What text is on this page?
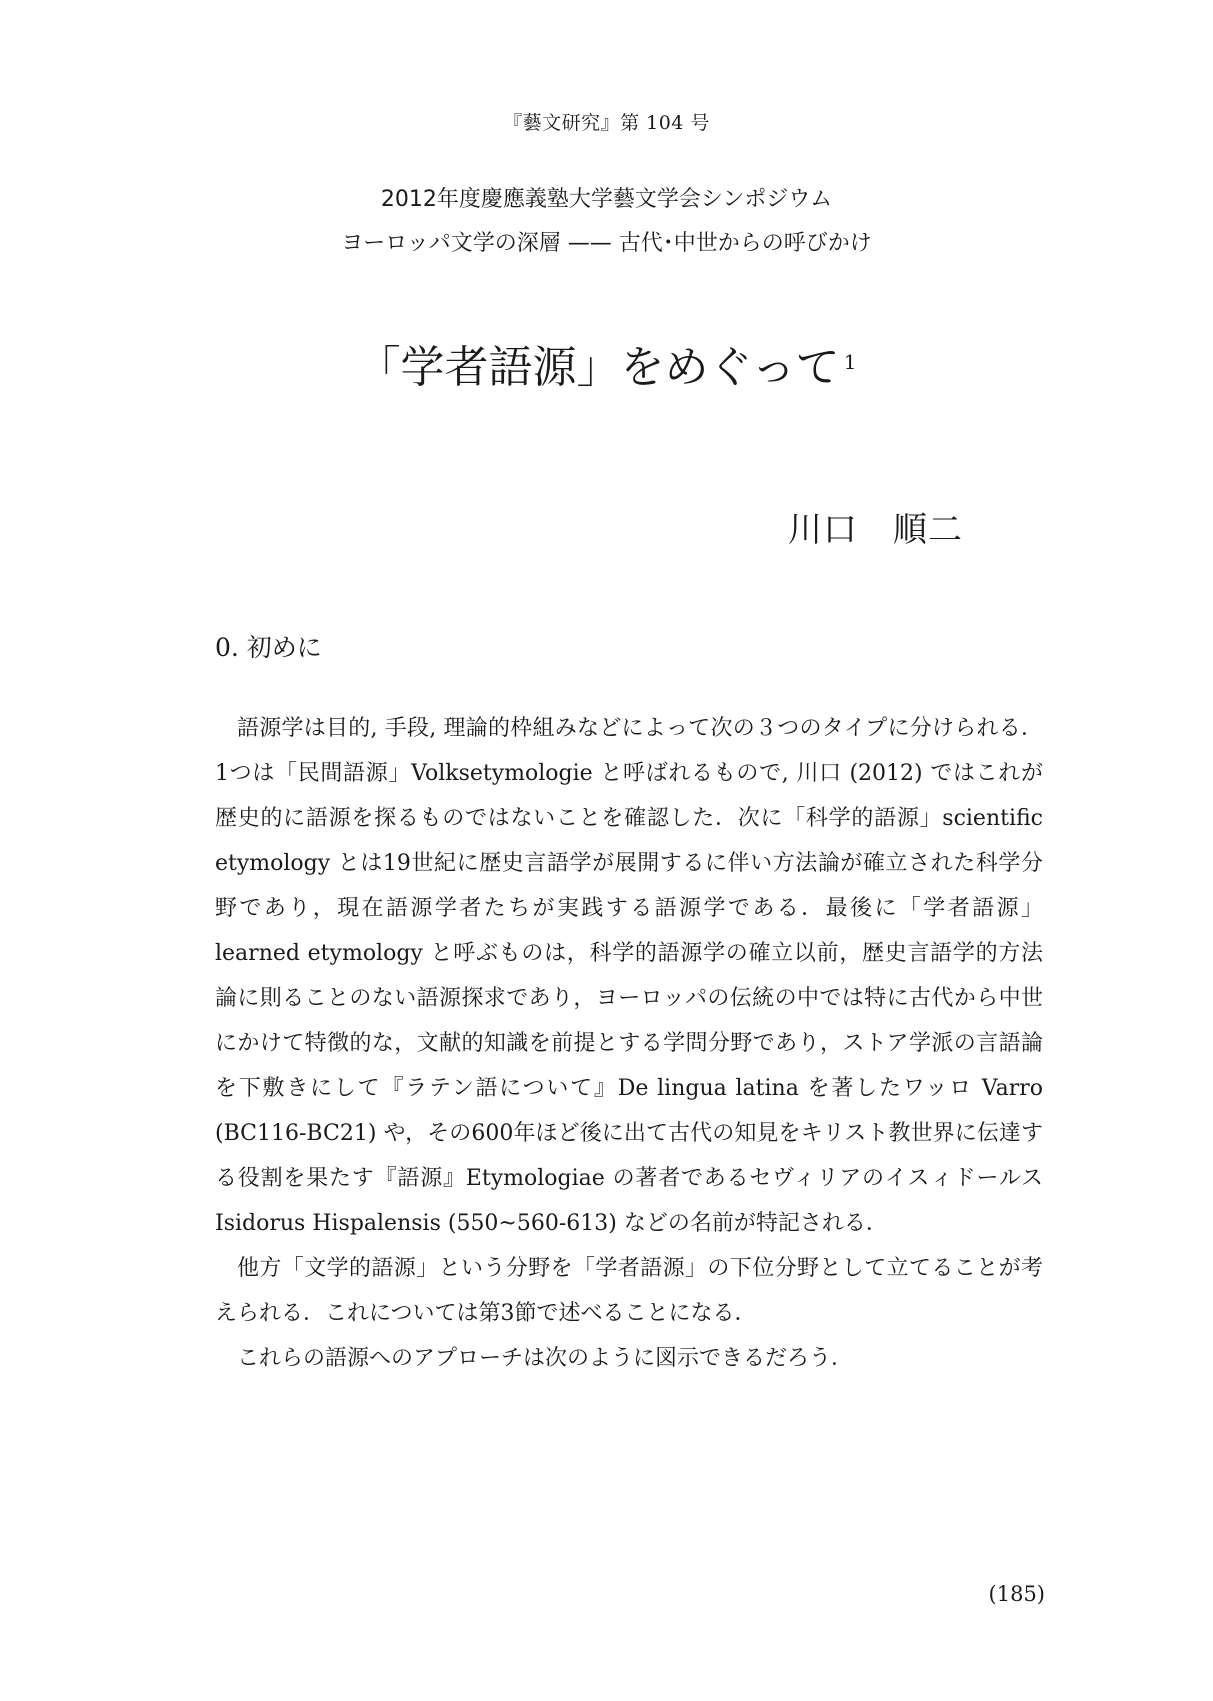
『藝文研究』第 104 号
2012年度慶應義塾大学藝文学会シンポジウム
ヨーロッパ文学の深層 —— 古代･中世からの呼びかけ
「学者語源」をめぐって $^1$
川口　順二
0. 初めに

語源学は目的, 手段, 理論的枠組みなどによって次の３つのタイプに分けられる．1つは「民間語源」Volksetymologie と呼ばれるもので, 川口 (2012) ではこれが歴史的に語源を探るものではないことを確認した．次に「科学的語源」scientific etymology とは19世紀に歴史言語学が展開するに伴い方法論が確立された科学分野であり，現在語源学者たちが実践する語源学である．最後に「学者語源」learned etymology と呼ぶものは，科学的語源学の確立以前，歴史言語学的方法論に則ることのない語源探求であり，ヨーロッパの伝統の中では特に古代から中世にかけて特徴的な，文献的知識を前提とする学問分野であり，ストア学派の言語論を下敷きにして『ラテン語について』De lingua latina を著したワッロ Varro (BC116-BC21) や，その600年ほど後に出て古代の知見をキリスト教世界に伝達する役割を果たす『語源』Etymologiae の著者であるセヴィリアのイスィドールス Isidorus Hispalensis (550~560-613) などの名前が特記される．

他方「文学的語源」という分野を「学者語源」の下位分野として立てることが考えられる．これについては第3節で述べることになる．

これらの語源へのアプローチは次のように図示できるだろう．

(185)
